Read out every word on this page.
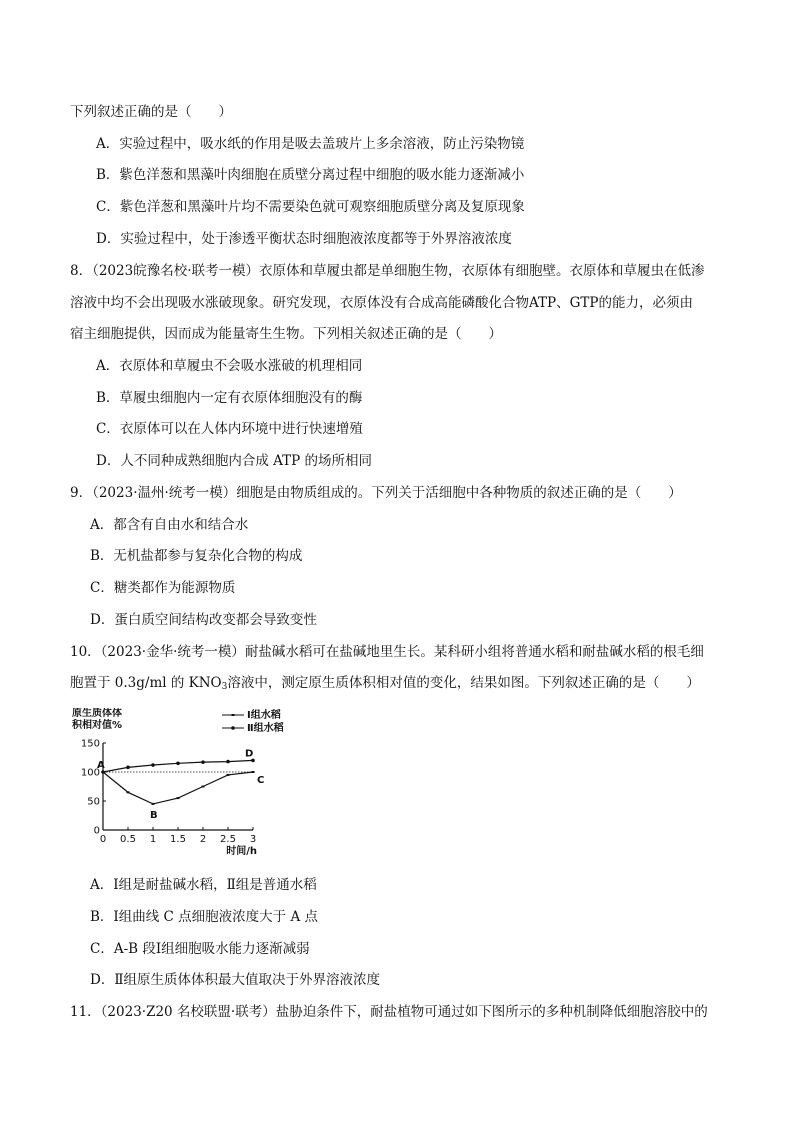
下列叙述正确的是（　　）
A．实验过程中，吸水纸的作用是吸去盖玻片上多余溶液，防止污染物镜
B．紫色洋葱和黑藻叶肉细胞在质壁分离过程中细胞的吸水能力逐渐减小
C．紫色洋葱和黑藻叶片均不需要染色就可观察细胞质壁分离及复原现象
D．实验过程中，处于渗透平衡状态时细胞液浓度都等于外界溶液浓度
8．（2023皖豫名校·联考一模）衣原体和草履虫都是单细胞生物，衣原体有细胞壁。衣原体和草履虫在低渗
溶液中均不会出现吸水涨破现象。研究发现，衣原体没有合成高能磷酸化合物ATP、GTP的能力，必须由
宿主细胞提供，因而成为能量寄生生物。下列相关叙述正确的是（　　）
A．衣原体和草履虫不会吸水涨破的机理相同
B．草履虫细胞内一定有衣原体细胞没有的酶
C．衣原体可以在人体内环境中进行快速增殖
D．人不同种成熟细胞内合成 ATP 的场所相同
9．（2023·温州·统考一模）细胞是由物质组成的。下列关于活细胞中各种物质的叙述正确的是（　　）
A．都含有自由水和结合水
B．无机盐都参与复杂化合物的构成
C．糖类都作为能源物质
D．蛋白质空间结构改变都会导致变性
10．（2023·金华·统考一模）耐盐碱水稻可在盐碱地里生长。某科研小组将普通水稻和耐盐碱水稻的根毛细
胞置于 0.3g/ml 的 $KNO_3$溶液中，测定原生质体积相对值的变化，结果如图。下列叙述正确的是（　　）
原生质体体
积相对值%
0
50
100
150
0 0.5 1 1.5 2 2.5 3
时间/h
A
B
C
D
Ⅰ组水稻
Ⅱ组水稻
A．Ⅰ组是耐盐碱水稻，Ⅱ组是普通水稻
B．Ⅰ组曲线 C 点细胞液浓度大于 A 点
C．A-B 段Ⅰ组细胞吸水能力逐渐减弱
D．Ⅱ组原生质体体积最大值取决于外界溶液浓度
11．（2023·Z20 名校联盟·联考）盐胁迫条件下，耐盐植物可通过如下图所示的多种机制降低细胞溶胶中的
